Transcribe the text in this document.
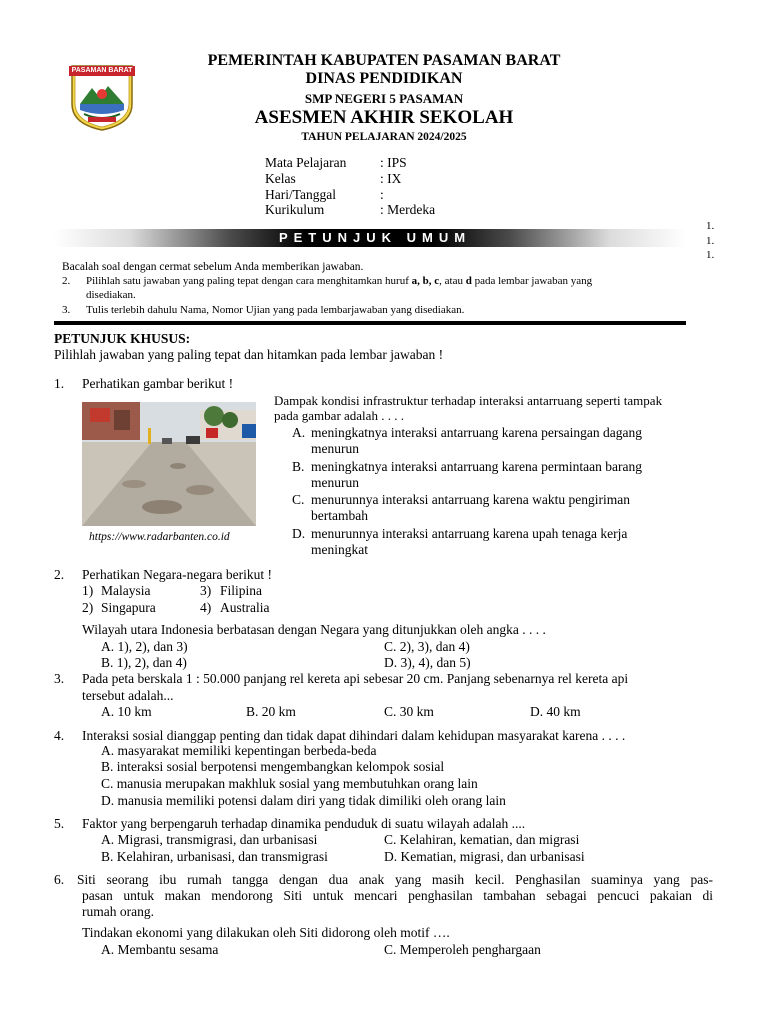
PASAMAN BARAT
PEMERINTAH KABUPATEN PASAMAN BARAT
DINAS PENDIDIKAN
SMP NEGERI 5 PASAMAN
ASESMEN AKHIR SEKOLAH
TAHUN PELAJARAN 2024/2025
Mata Pelajaran : IPS
Kelas	: IX
Hari/Tanggal	:
Kurikulum	: Merdeka
1.
1.
1.
PETUNJUK UMUM
Bacalah soal dengan cermat sebelum Anda memberikan jawaban.
2. Pilihlah satu jawaban yang paling tepat dengan cara menghitamkan huruf a, b, c, atau d pada lembar jawaban yang
disediakan.
3. Tulis terlebih dahulu Nama, Nomor Ujian yang pada lembarjawaban yang disediakan.
PETUNJUK KHUSUS:
Pilihlah jawaban yang paling tepat dan hitamkan pada lembar jawaban !
1. Perhatikan gambar berikut !
https://www.radarbanten.co.id
Dampak kondisi infrastruktur terhadap interaksi antarruang seperti tampak
pada gambar adalah . . . .
A. meningkatnya interaksi antarruang karena persaingan dagang
menurun
B. meningkatnya interaksi antarruang karena permintaan barang
menurun
C. menurunnya interaksi antarruang karena waktu pengiriman
bertambah
D. menurunnya interaksi antarruang karena upah tenaga kerja
meningkat
2. Perhatikan Negara-negara berikut !
1) Malaysia	3) Filipina
2) Singapura	4) Australia
Wilayah utara Indonesia berbatasan dengan Negara yang ditunjukkan oleh angka . . . .
A. 1), 2), dan 3)	C. 2), 3), dan 4)
B. 1), 2), dan 4)	D. 3), 4), dan 5)
3. Pada peta berskala 1 : 50.000 panjang rel kereta api sebesar 20 cm. Panjang sebenarnya rel kereta api
tersebut adalah...
A. 10 km	B. 20 km	C. 30 km	D. 40 km
4. Interaksi sosial dianggap penting dan tidak dapat dihindari dalam kehidupan masyarakat karena . . . .
A. masyarakat memiliki kepentingan berbeda-beda
B. interaksi sosial berpotensi mengembangkan kelompok sosial
C. manusia merupakan makhluk sosial yang membutuhkan orang lain
D. manusia memiliki potensi dalam diri yang tidak dimiliki oleh orang lain
5. Faktor yang berpengaruh terhadap dinamika penduduk di suatu wilayah adalah ....
A. Migrasi, transmigrasi, dan urbanisasi	C. Kelahiran, kematian, dan migrasi
B. Kelahiran, urbanisasi, dan transmigrasi	D. Kematian, migrasi, dan urbanisasi
6. Siti seorang ibu rumah tangga dengan dua anak yang masih kecil. Penghasilan suaminya yang pas-
pasan untuk makan mendorong Siti untuk mencari penghasilan tambahan sebagai pencuci pakaian di
rumah orang.
Tindakan ekonomi yang dilakukan oleh Siti didorong oleh motif ….
A. Membantu sesama	C. Memperoleh penghargaan
